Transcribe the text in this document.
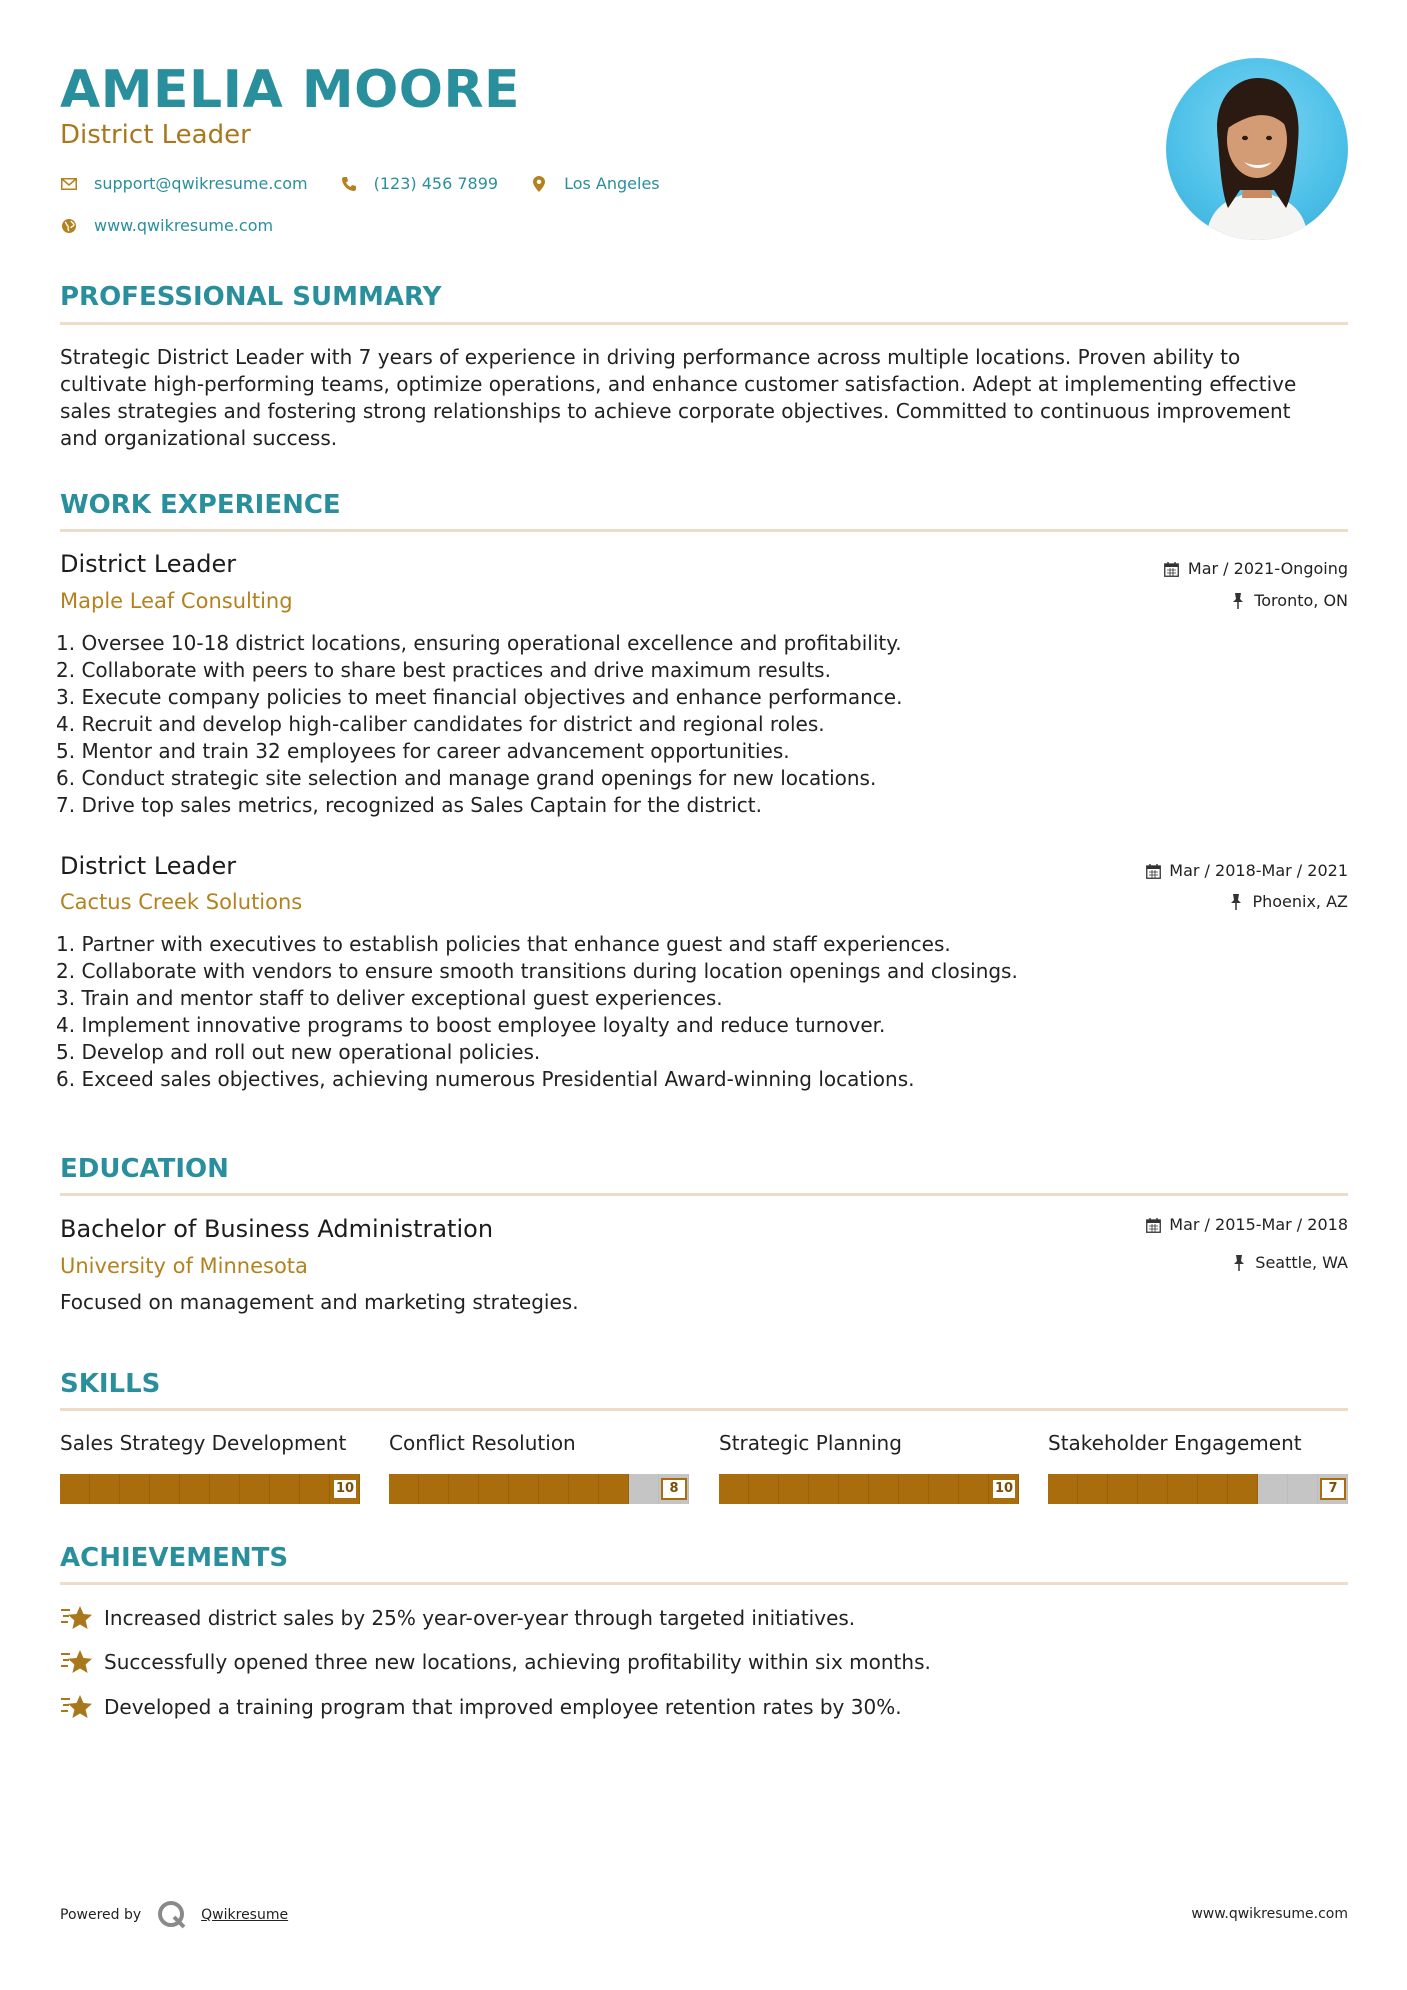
AMELIA MOORE
District Leader
support@qwikresume.com	(123) 456 7899	Los Angeles
www.qwikresume.com
PROFESSIONAL SUMMARY

Strategic District Leader with 7 years of experience in driving performance across multiple locations. Proven ability to cultivate high-performing teams, optimize operations, and enhance customer satisfaction. Adept at implementing effective sales strategies and fostering strong relationships to achieve corporate objectives. Committed to continuous improvement and organizational success.

WORK EXPERIENCE
District Leader
Maple Leaf Consulting
Mar / 2021-Ongoing
Toronto, ON
1. Oversee 10-18 district locations, ensuring operational excellence and profitability.
2. Collaborate with peers to share best practices and drive maximum results.
3. Execute company policies to meet financial objectives and enhance performance.
4. Recruit and develop high-caliber candidates for district and regional roles.
5. Mentor and train 32 employees for career advancement opportunities.
6. Conduct strategic site selection and manage grand openings for new locations.
7. Drive top sales metrics, recognized as Sales Captain for the district.
District Leader
Cactus Creek Solutions
Mar / 2018-Mar / 2021
Phoenix, AZ
1. Partner with executives to establish policies that enhance guest and staff experiences.
2. Collaborate with vendors to ensure smooth transitions during location openings and closings.
3. Train and mentor staff to deliver exceptional guest experiences.
4. Implement innovative programs to boost employee loyalty and reduce turnover.
5. Develop and roll out new operational policies.
6. Exceed sales objectives, achieving numerous Presidential Award-winning locations.
EDUCATION
Bachelor of Business Administration
University of Minnesota
Mar / 2015-Mar / 2018
Seattle, WA
Focused on management and marketing strategies.
SKILLS
Sales Strategy Development
10
Conflict Resolution
8
Strategic Planning
10
Stakeholder Engagement
7
ACHIEVEMENTS
Increased district sales by 25% year-over-year through targeted initiatives.
Successfully opened three new locations, achieving profitability within six months.
Developed a training program that improved employee retention rates by 30%.
Powered by	Qwikresume	www.qwikresume.com
